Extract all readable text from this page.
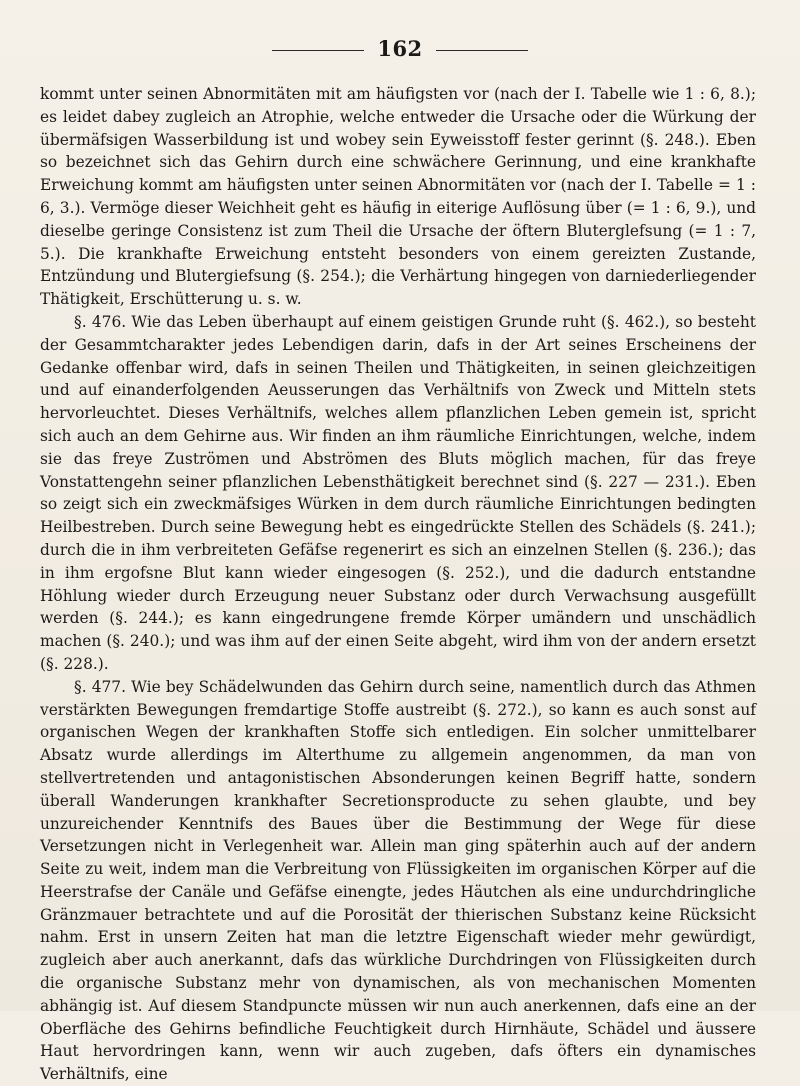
162

kommt unter seinen Abnormitäten mit am häufigsten vor (nach der I. Tabelle wie 1 : 6, 8.); es leidet dabey zugleich an Atrophie, welche entweder die Ursache oder die Würkung der übermäfsigen Wasserbildung ist und wobey sein Eyweisstoff fester gerinnt (§. 248.). Eben so bezeichnet sich das Gehirn durch eine schwächere Gerinnung, und eine krankhafte Erweichung kommt am häufigsten unter seinen Abnormitäten vor (nach der I. Tabelle = 1 : 6, 3.). Vermöge dieser Weichheit geht es häufig in eiterige Auflösung über (= 1 : 6, 9.), und dieselbe geringe Consistenz ist zum Theil die Ursache der öftern Bluterglefsung (= 1 : 7, 5.). Die krankhafte Erweichung entsteht besonders von einem gereizten Zustande, Entzündung und Blutergiefsung (§. 254.); die Verhärtung hingegen von darniederliegender Thätigkeit, Erschütterung u. s. w.

§. 476. Wie das Leben überhaupt auf einem geistigen Grunde ruht (§. 462.), so besteht der Gesammtcharakter jedes Lebendigen darin, dafs in der Art seines Erscheinens der Gedanke offenbar wird, dafs in seinen Theilen und Thätigkeiten, in seinen gleichzeitigen und auf einanderfolgenden Aeusserungen das Verhältnifs von Zweck und Mitteln stets hervorleuchtet. Dieses Verhältnifs, welches allem pflanzlichen Leben gemein ist, spricht sich auch an dem Gehirne aus. Wir finden an ihm räumliche Einrichtungen, welche, indem sie das freye Zuströmen und Abströmen des Bluts möglich machen, für das freye Vonstattengehn seiner pflanzlichen Lebensthätigkeit berechnet sind (§. 227 — 231.). Eben so zeigt sich ein zweckmäfsiges Würken in dem durch räumliche Einrichtungen bedingten Heilbestreben. Durch seine Bewegung hebt es eingedrückte Stellen des Schädels (§. 241.); durch die in ihm verbreiteten Gefäfse regenerirt es sich an einzelnen Stellen (§. 236.); das in ihm ergofsne Blut kann wieder eingesogen (§. 252.), und die dadurch entstandne Höhlung wieder durch Erzeugung neuer Substanz oder durch Verwachsung ausgefüllt werden (§. 244.); es kann eingedrungene fremde Körper umändern und unschädlich machen (§. 240.); und was ihm auf der einen Seite abgeht, wird ihm von der andern ersetzt (§. 228.).

§. 477. Wie bey Schädelwunden das Gehirn durch seine, namentlich durch das Athmen verstärkten Bewegungen fremdartige Stoffe austreibt (§. 272.), so kann es auch sonst auf organischen Wegen der krankhaften Stoffe sich entledigen. Ein solcher unmittelbarer Absatz wurde allerdings im Alterthume zu allgemein angenommen, da man von stellvertretenden und antagonistischen Absonderungen keinen Begriff hatte, sondern überall Wanderungen krankhafter Secretionsproducte zu sehen glaubte, und bey unzureichender Kenntnifs des Baues über die Bestimmung der Wege für diese Versetzungen nicht in Verlegenheit war. Allein man ging späterhin auch auf der andern Seite zu weit, indem man die Verbreitung von Flüssigkeiten im organischen Körper auf die Heerstrafse der Canäle und Gefäfse einengte, jedes Häutchen als eine undurchdringliche Gränzmauer betrachtete und auf die Porosität der thierischen Substanz keine Rücksicht nahm. Erst in unsern Zeiten hat man die letztre Eigenschaft wieder mehr gewürdigt, zugleich aber auch anerkannt, dafs das würkliche Durchdringen von Flüssigkeiten durch die organische Substanz mehr von dynamischen, als von mechanischen Momenten abhängig ist. Auf diesem Standpuncte müssen wir nun auch anerkennen, dafs eine an der Oberfläche des Gehirns befindliche Feuchtigkeit durch Hirnhäute, Schädel und äussere Haut hervordringen kann, wenn wir auch zugeben, dafs öfters ein dynamisches Verhältnifs, eine
